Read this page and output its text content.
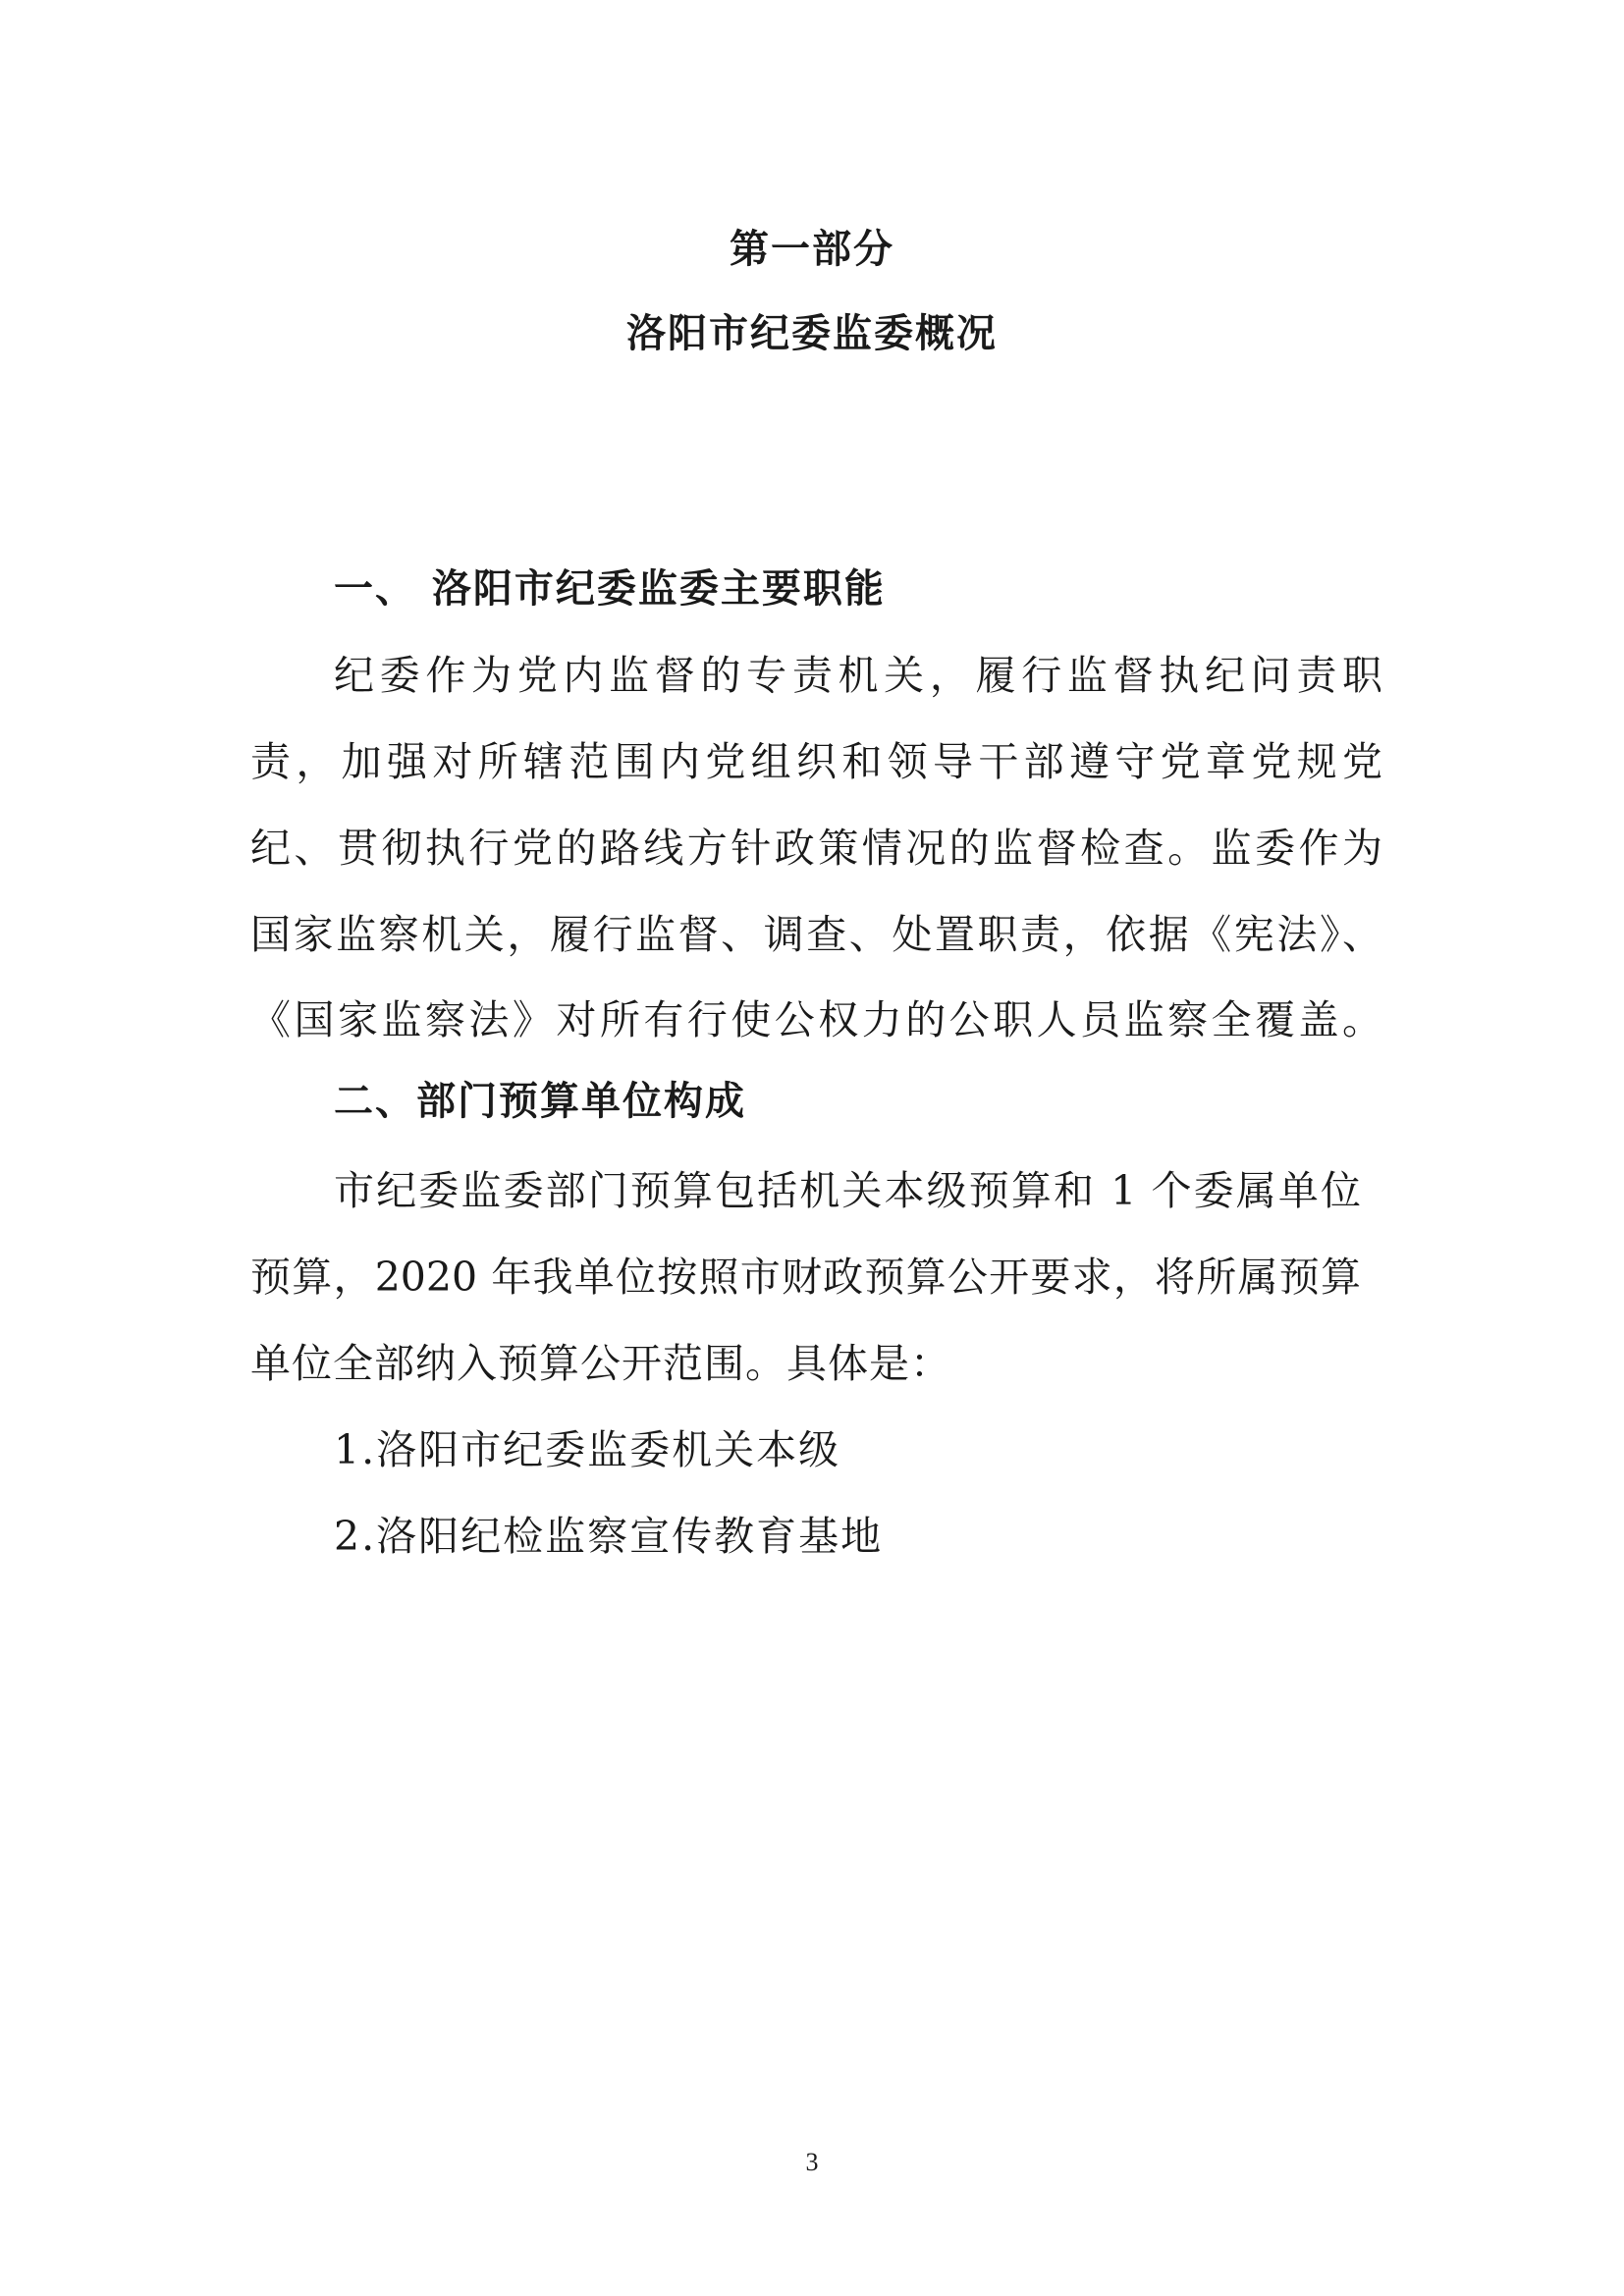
第一部分
洛阳市纪委监委概况
一、 洛阳市纪委监委主要职能
纪委作为党内监督的专责机关，履行监督执纪问责职
责，加强对所辖范围内党组织和领导干部遵守党章党规党
纪、贯彻执行党的路线方针政策情况的监督检查。监委作为
国家监察机关，履行监督、调查、处置职责，依据《宪法》、
《国家监察法》对所有行使公权力的公职人员监察全覆盖。
二、部门预算单位构成
市纪委监委部门预算包括机关本级预算和 1 个委属单位
预算，2020 年我单位按照市财政预算公开要求，将所属预算
单位全部纳入预算公开范围。具体是：
1.洛阳市纪委监委机关本级
2.洛阳纪检监察宣传教育基地
3
